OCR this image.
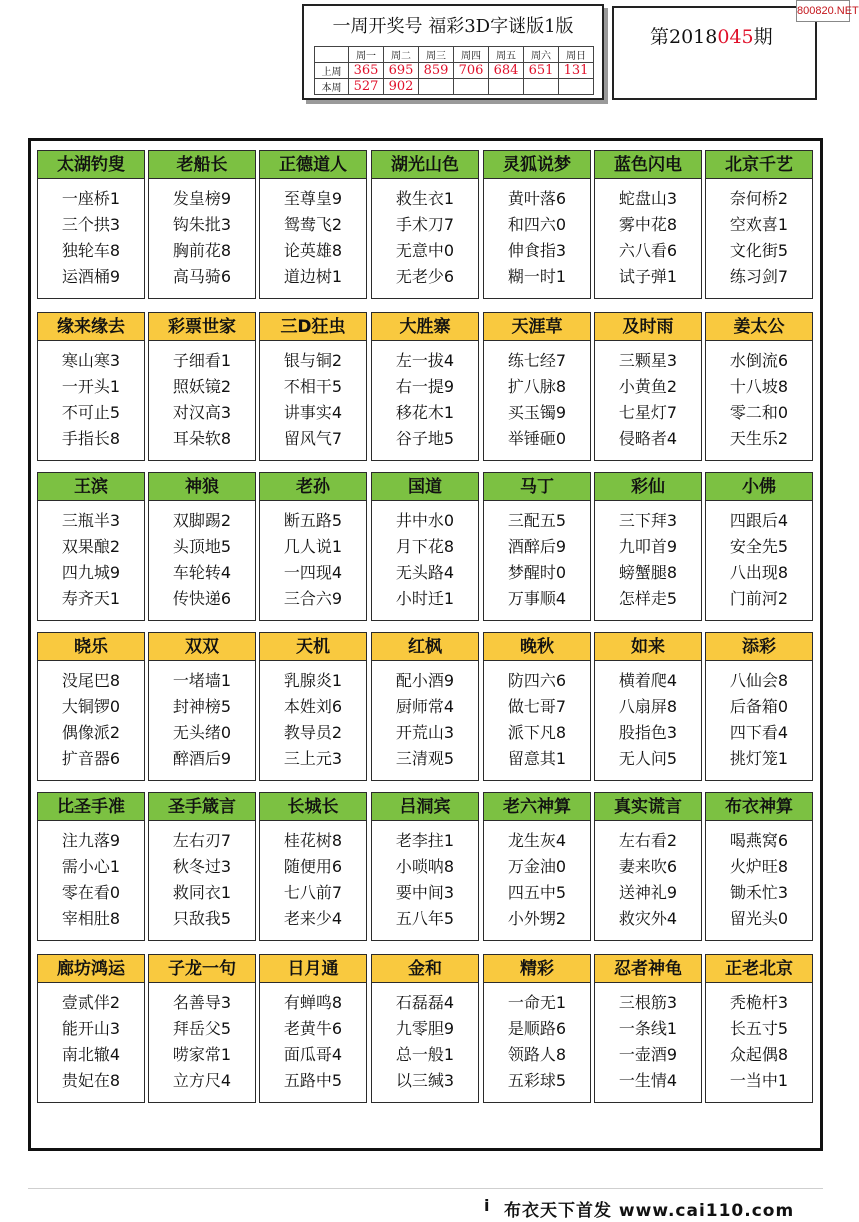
一周开奖号 福彩3D字谜版1版
	周一	周二	周三	周四	周五	周六	周日
上周	365	695	859	706	684	651	131
本周	527	902					
第2018045期
800820.NET
太湖钓叟
一座桥1
三个拱3
独轮车8
运酒桶9
老船长
发皇榜9
钩朱批3
胸前花8
高马骑6
正德道人
至尊皇9
鸳鸯飞2
论英雄8
道边树1
湖光山色
救生衣1
手术刀7
无意中0
无老少6
灵狐说梦
黄叶落6
和四六0
伸食指3
糊一时1
蓝色闪电
蛇盘山3
雾中花8
六八看6
试子弹1
北京千艺
奈何桥2
空欢喜1
文化街5
练习剑7
缘来缘去
寒山寒3
一开头1
不可止5
手指长8
彩票世家
子细看1
照妖镜2
对汉高3
耳朵软8
三D狂虫
银与铜2
不相干5
讲事实4
留风气7
大胜寨
左一拔4
右一提9
移花木1
谷子地5
天涯草
练七经7
扩八脉8
买玉镯9
举锤砸0
及时雨
三颗星3
小黄鱼2
七星灯7
侵略者4
姜太公
水倒流6
十八坡8
零二和0
天生乐2
王滨
三瓶半3
双果酿2
四九城9
寿齐天1
神狼
双脚踢2
头顶地5
车轮转4
传快递6
老孙
断五路5
几人说1
一四现4
三合六9
国道
井中水0
月下花8
无头路4
小时迁1
马丁
三配五5
酒醉后9
梦醒时0
万事顺4
彩仙
三下拜3
九叩首9
螃蟹腿8
怎样走5
小佛
四跟后4
安全先5
八出现8
门前河2
晓乐
没尾巴8
大铜锣0
偶像派2
扩音器6
双双
一堵墙1
封神榜5
无头绪0
醉酒后9
天机
乳腺炎1
本姓刘6
教导员2
三上元3
红枫
配小酒9
厨师常4
开荒山3
三清观5
晚秋
防四六6
做七哥7
派下凡8
留意其1
如来
横着爬4
八扇屏8
股指色3
无人问5
添彩
八仙会8
后备箱0
四下看4
挑灯笼1
比圣手准
注九落9
需小心1
零在看0
宰相肚8
圣手箴言
左右刃7
秋冬过3
救同衣1
只敌我5
长城长
桂花树8
随便用6
七八前7
老来少4
吕洞宾
老李拄1
小唢呐8
要中间3
五八年5
老六神算
龙生灰4
万金油0
四五中5
小外甥2
真实谎言
左右看2
妻来吹6
送神礼9
救灾外4
布衣神算
喝燕窝6
火炉旺8
锄禾忙3
留光头0
廊坊鸿运
壹贰伴2
能开山3
南北辙4
贵妃在8
子龙一句
名善导3
拜岳父5
唠家常1
立方尺4
日月通
有蝉鸣8
老黄牛6
面瓜哥4
五路中5
金和
石磊磊4
九零胆9
总一般1
以三缄3
精彩
一命无1
是顺路6
领路人8
五彩球5
忍者神龟
三根筋3
一条线1
一壶酒9
一生情4
正老北京
秃桅杆3
长五寸5
众起偶8
一当中1
i 布衣天下首发 www.cai110.com
